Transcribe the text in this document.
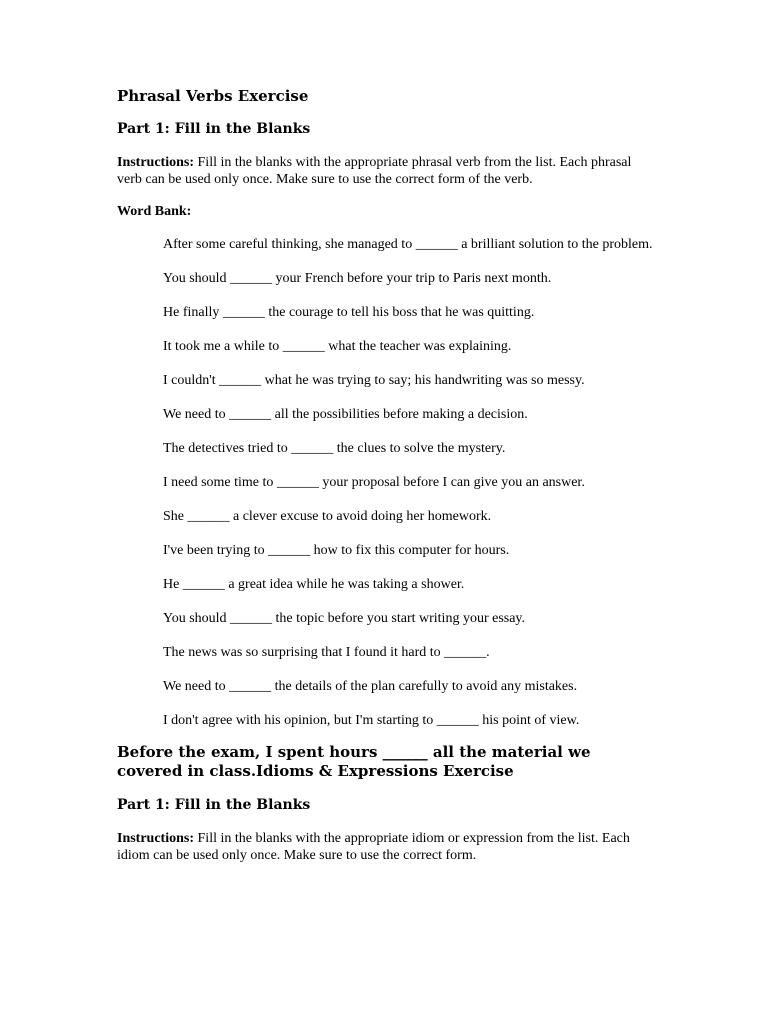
Phrasal Verbs Exercise
Part 1: Fill in the Blanks
Instructions: Fill in the blanks with the appropriate phrasal verb from the list. Each phrasal verb can be used only once. Make sure to use the correct form of the verb.
Word Bank:
After some careful thinking, she managed to ______ a brilliant solution to the problem.
You should ______ your French before your trip to Paris next month.
He finally ______ the courage to tell his boss that he was quitting.
It took me a while to ______ what the teacher was explaining.
I couldn't ______ what he was trying to say; his handwriting was so messy.
We need to ______ all the possibilities before making a decision.
The detectives tried to ______ the clues to solve the mystery.
I need some time to ______ your proposal before I can give you an answer.
She ______ a clever excuse to avoid doing her homework.
I've been trying to ______ how to fix this computer for hours.
He ______ a great idea while he was taking a shower.
You should ______ the topic before you start writing your essay.
The news was so surprising that I found it hard to ______.
We need to ______ the details of the plan carefully to avoid any mistakes.
I don't agree with his opinion, but I'm starting to ______ his point of view.
Before the exam, I spent hours ______ all the material we covered in class.Idioms & Expressions Exercise
Part 1: Fill in the Blanks
Instructions: Fill in the blanks with the appropriate idiom or expression from the list. Each idiom can be used only once. Make sure to use the correct form.
